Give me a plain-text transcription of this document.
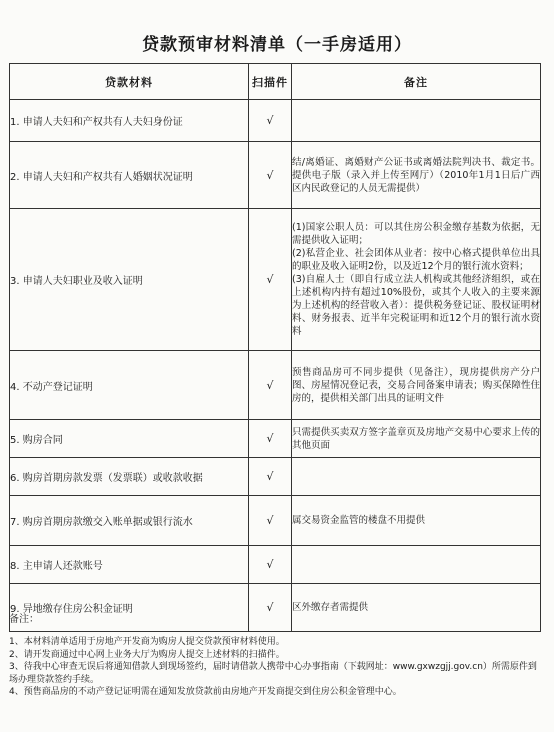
贷款预审材料清单（一手房适用）
贷款材料	扫描件	备注
1. 申请人夫妇和产权共有人夫妇身份证	√	
2. 申请人夫妇和产权共有人婚姻状况证明	√	结/离婚证、离婚财产公证书或离婚法院判决书、裁定书。提供电子版（录入并上传至网厅）（2010年1月1日后广西区内民政登记的人员无需提供）

3. 申请人夫妇职业及收入证明	√	(1)国家公职人员：可以其住房公积金缴存基数为依据，无需提供收入证明；
(2)私营企业、社会团体从业者：按中心格式提供单位出具的职业及收入证明2份，以及近12个月的银行流水资料；
(3)自雇人士（即自行成立法人机构或其他经济组织，或在上述机构内持有超过10%股份，或其个人收入的主要来源为上述机构的经营收入者）：提供税务登记证、股权证明材料、财务报表、近半年完税证明和近12个月的银行流水资料

4. 不动产登记证明	√	预售商品房可不同步提供（见备注），现房提供房产分户图、房屋情况登记表，交易合同备案申请表；购买保障性住房的，提供相关部门出具的证明文件

5. 购房合同	√	只需提供买卖双方签字盖章页及房地产交易中心要求上传的其他页面

6. 购房首期房款发票（发票联）或收款收据	√	
7. 购房首期房款缴交入账单据或银行流水	√	属交易资金监管的楼盘不用提供

8. 主申请人还款账号	√	
9. 异地缴存住房公积金证明	√	区外缴存者需提供
备注：
1、本材料清单适用于房地产开发商为购房人提交贷款预审材料使用。
2、请开发商通过中心网上业务大厅为购房人提交上述材料的扫描件。
3、待我中心审查无误后将通知借款人到现场签约，届时请借款人携带中心办事指南（下载网址：www.gxwzgjj.gov.cn）所需原件到场办理贷款签约手续。
4、预售商品房的不动产登记证明需在通知发放贷款前由房地产开发商提交到住房公积金管理中心。
